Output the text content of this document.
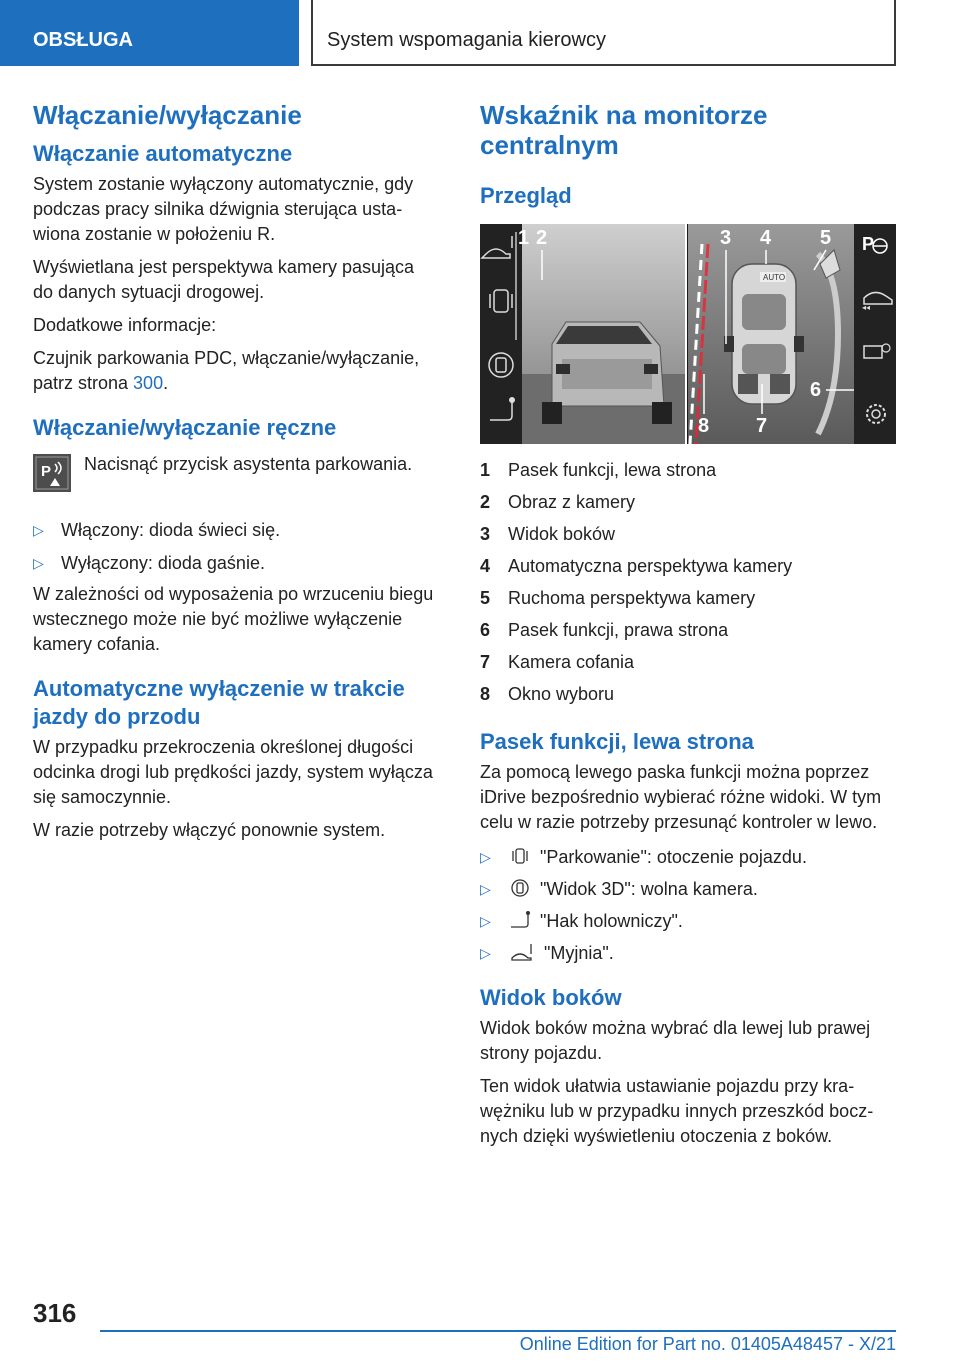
OBSŁUGA	System wspomagania kierowcy
Włączanie/wyłączanie
Włączanie automatyczne

System zostanie wyłączony automatycznie, gdy podczas pracy silnika dźwignia sterująca ustawiona zostanie w położeniu R.

Wyświetlana jest perspektywa kamery pasująca do danych sytuacji drogowej.

Dodatkowe informacje:

Czujnik parkowania PDC, włączanie/wyłączanie, patrz strona 300.

Włączanie/wyłączanie ręczne
P Nacisnąć przycisk asystenta parkowania.

▷ Włączony: dioda świeci się.
▷ Wyłączony: dioda gaśnie.

W zależności od wyposażenia po wrzuceniu biegu wstecznego może nie być możliwe wyłączenie kamery cofania.

Automatyczne wyłączenie w trakcie jazdy do przodu

W przypadku przekroczenia określonej długości odcinka drogi lub prędkości jazdy, system wyłącza się samoczynnie.

W razie potrzeby włączyć ponownie system.

Wskaźnik na monitorze centralnym
Przegląd
AUTO
P
◂◂
1 2	3 4 5
6
7
8
1 Pasek funkcji, lewa strona
2 Obraz z kamery
3 Widok boków
4 Automatyczna perspektywa kamery
5 Ruchoma perspektywa kamery
6 Pasek funkcji, prawa strona
7 Kamera cofania
8 Okno wyboru
Pasek funkcji, lewa strona

Za pomocą lewego paska funkcji można poprzez iDrive bezpośrednio wybierać różne widoki. W tym celu w razie potrzeby przesunąć kontroler w lewo.

▷	"Parkowanie": otoczenie pojazdu.
▷	"Widok 3D": wolna kamera.
▷	"Hak holowniczy".
▷	"Myjnia".
Widok boków

Widok boków można wybrać dla lewej lub prawej strony pojazdu.

Ten widok ułatwia ustawianie pojazdu przy krawężniku lub w przypadku innych przeszkód bocznych dzięki wyświetleniu otoczenia z boków.

316
Online Edition for Part no. 01405A48457 - X/21
